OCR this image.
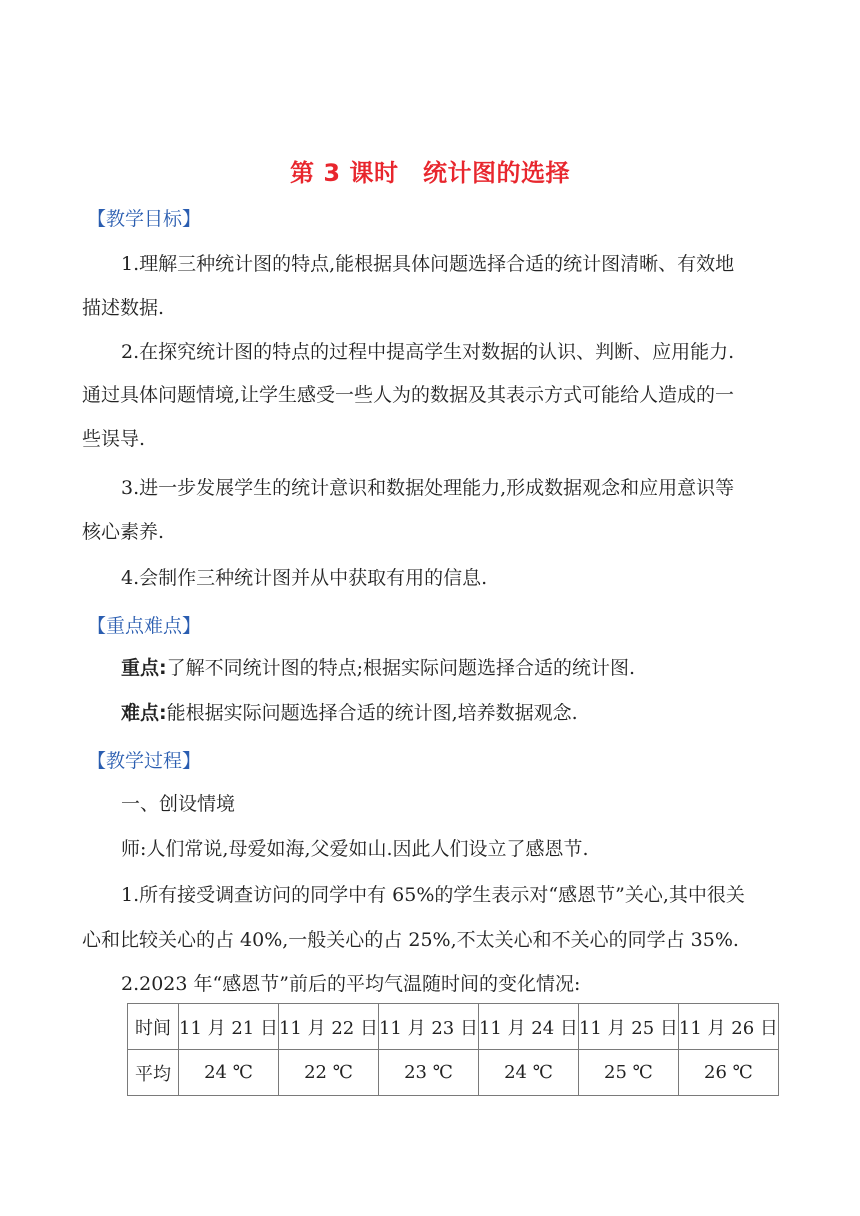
第 3 课时　统计图的选择
【教学目标】
1.理解三种统计图的特点,能根据具体问题选择合适的统计图清晰、有效地
描述数据.
2.在探究统计图的特点的过程中提高学生对数据的认识、判断、应用能力.
通过具体问题情境,让学生感受一些人为的数据及其表示方式可能给人造成的一
些误导.
3.进一步发展学生的统计意识和数据处理能力,形成数据观念和应用意识等
核心素养.
4.会制作三种统计图并从中获取有用的信息.
【重点难点】
重点:了解不同统计图的特点;根据实际问题选择合适的统计图.
难点:能根据实际问题选择合适的统计图,培养数据观念.
【教学过程】
一、创设情境
师:人们常说,母爱如海,父爱如山.因此人们设立了感恩节.
1.所有接受调查访问的同学中有 65%的学生表示对“感恩节”关心,其中很关
心和比较关心的占 40%,一般关心的占 25%,不太关心和不关心的同学占 35%.
2.2023 年“感恩节”前后的平均气温随时间的变化情况:
时间	11 月 21 日	11 月 22 日	11 月 23 日	11 月 24 日	11 月 25 日	11 月 26 日
平均	24 ℃	22 ℃	23 ℃	24 ℃	25 ℃	26 ℃
